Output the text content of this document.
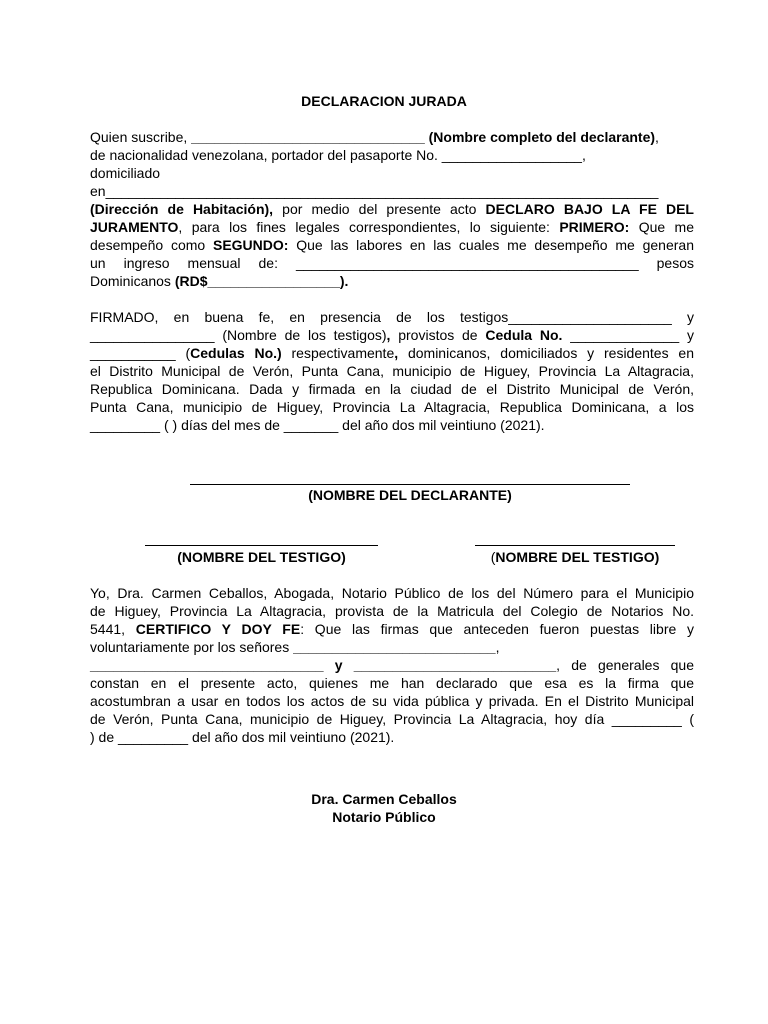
DECLARACION JURADA
Quien suscribe, ______________________________ (Nombre completo del declarante),
de nacionalidad venezolana, portador del pasaporte No. __________________,
domiciliado
en_______________________________________________________________________
(Dirección de Habitación), por medio del presente acto DECLARO BAJO LA FE DEL
JURAMENTO, para los fines legales correspondientes, lo siguiente: PRIMERO: Que me
desempeño como SEGUNDO: Que las labores en las cuales me desempeño me generan
un ingreso mensual de: ____________________________________________ pesos
Dominicanos (RD$_________________).
FIRMADO, en buena fe, en presencia de los testigos_____________________ y
________________ (Nombre de los testigos), provistos de Cedula No. ______________ y
___________ (Cedulas No.) respectivamente, dominicanos, domiciliados y residentes en
el Distrito Municipal de Verón, Punta Cana, municipio de Higuey, Provincia La Altagracia,
Republica Dominicana. Dada y firmada en la ciudad de el Distrito Municipal de Verón,
Punta Cana, municipio de Higuey, Provincia La Altagracia, Republica Dominicana, a los
_________ ( ) días del mes de _______ del año dos mil veintiuno (2021).
(NOMBRE DEL DECLARANTE)
(NOMBRE DEL TESTIGO)	(NOMBRE DEL TESTIGO)
Yo, Dra. Carmen Ceballos, Abogada, Notario Público de los del Número para el Municipio
de Higuey, Provincia La Altagracia, provista de la Matricula del Colegio de Notarios No.
5441, CERTIFICO Y DOY FE: Que las firmas que anteceden fueron puestas libre y
voluntariamente por los señores __________________________,
______________________________ y __________________________, de generales que
constan en el presente acto, quienes me han declarado que esa es la firma que
acostumbran a usar en todos los actos de su vida pública y privada. En el Distrito Municipal
de Verón, Punta Cana, municipio de Higuey, Provincia La Altagracia, hoy día _________ (
) de _________ del año dos mil veintiuno (2021).
Dra. Carmen Ceballos
Notario Público
